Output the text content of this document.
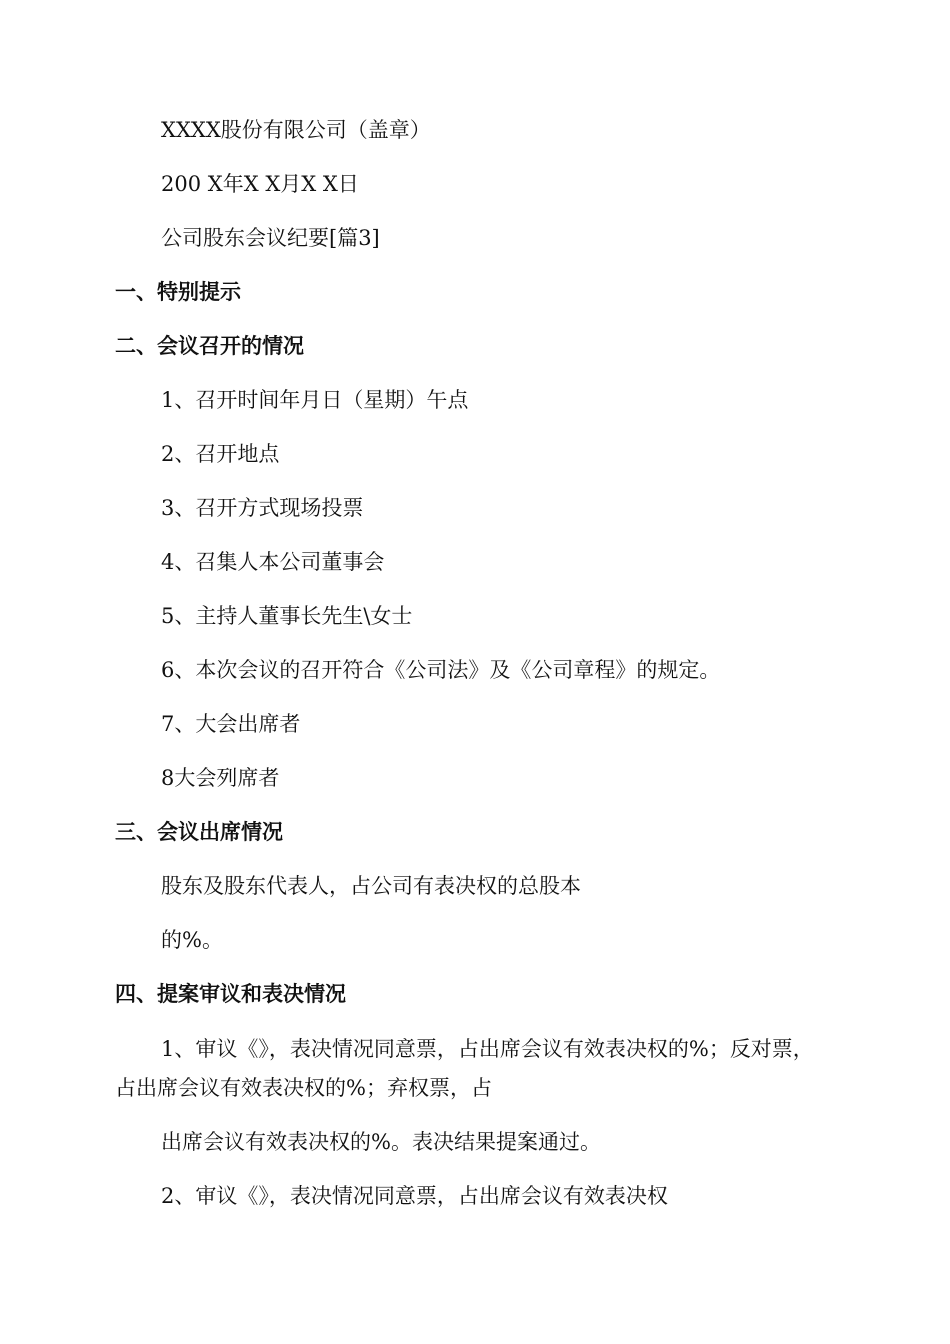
XXXX股份有限公司（盖章）
200 X年X X月X X日
公司股东会议纪要[篇3]
一、特别提示
二、会议召开的情况
1、召开时间年月日（星期）午点
2、召开地点
3、召开方式现场投票
4、召集人本公司董事会
5、主持人董事长先生\女士
6、本次会议的召开符合《公司法》及《公司章程》的规定。
7、大会出席者
8大会列席者
三、会议出席情况
股东及股东代表人，占公司有表决权的总股本
的%。
四、提案审议和表决情况
1、审议《》，表决情况同意票，占出席会议有效表决权的%；反对票，占出席会议有效表决权的%；弃权票，占
出席会议有效表决权的%。表决结果提案通过。
2、审议《》，表决情况同意票，占出席会议有效表决权
